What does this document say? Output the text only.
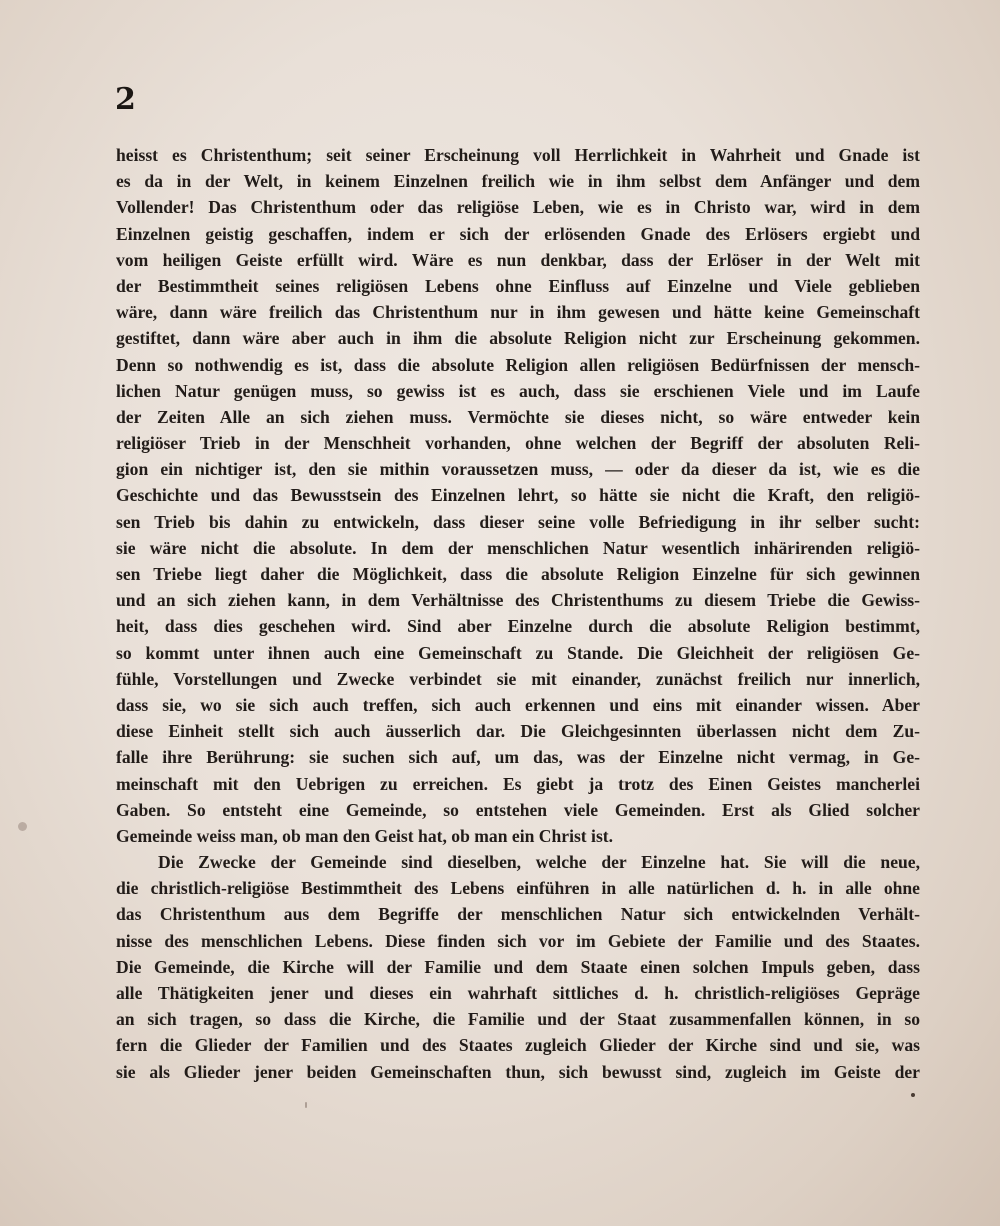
2
heisst es Christenthum; seit seiner Erscheinung voll Herrlichkeit in Wahrheit und Gnade ist
es da in der Welt, in keinem Einzelnen freilich wie in ihm selbst dem Anfänger und dem
Vollender! Das Christenthum oder das religiöse Leben, wie es in Christo war, wird in dem
Einzelnen geistig geschaffen, indem er sich der erlösenden Gnade des Erlösers ergiebt und
vom heiligen Geiste erfüllt wird. Wäre es nun denkbar, dass der Erlöser in der Welt mit
der Bestimmtheit seines religiösen Lebens ohne Einfluss auf Einzelne und Viele geblieben
wäre, dann wäre freilich das Christenthum nur in ihm gewesen und hätte keine Gemeinschaft
gestiftet, dann wäre aber auch in ihm die absolute Religion nicht zur Erscheinung gekommen.
Denn so nothwendig es ist, dass die absolute Religion allen religiösen Bedürfnissen der mensch-
lichen Natur genügen muss, so gewiss ist es auch, dass sie erschienen Viele und im Laufe
der Zeiten Alle an sich ziehen muss. Vermöchte sie dieses nicht, so wäre entweder kein
religiöser Trieb in der Menschheit vorhanden, ohne welchen der Begriff der absoluten Reli-
gion ein nichtiger ist, den sie mithin voraussetzen muss, — oder da dieser da ist, wie es die
Geschichte und das Bewusstsein des Einzelnen lehrt, so hätte sie nicht die Kraft, den religiö-
sen Trieb bis dahin zu entwickeln, dass dieser seine volle Befriedigung in ihr selber sucht:
sie wäre nicht die absolute. In dem der menschlichen Natur wesentlich inhärirenden religiö-
sen Triebe liegt daher die Möglichkeit, dass die absolute Religion Einzelne für sich gewinnen
und an sich ziehen kann, in dem Verhältnisse des Christenthums zu diesem Triebe die Gewiss-
heit, dass dies geschehen wird. Sind aber Einzelne durch die absolute Religion bestimmt,
so kommt unter ihnen auch eine Gemeinschaft zu Stande. Die Gleichheit der religiösen Ge-
fühle, Vorstellungen und Zwecke verbindet sie mit einander, zunächst freilich nur innerlich,
dass sie, wo sie sich auch treffen, sich auch erkennen und eins mit einander wissen. Aber
diese Einheit stellt sich auch äusserlich dar. Die Gleichgesinnten überlassen nicht dem Zu-
falle ihre Berührung: sie suchen sich auf, um das, was der Einzelne nicht vermag, in Ge-
meinschaft mit den Uebrigen zu erreichen. Es giebt ja trotz des Einen Geistes mancherlei
Gaben. So entsteht eine Gemeinde, so entstehen viele Gemeinden. Erst als Glied solcher
Gemeinde weiss man, ob man den Geist hat, ob man ein Christ ist.
Die Zwecke der Gemeinde sind dieselben, welche der Einzelne hat. Sie will die neue,
die christlich-religiöse Bestimmtheit des Lebens einführen in alle natürlichen d. h. in alle ohne
das Christenthum aus dem Begriffe der menschlichen Natur sich entwickelnden Verhält-
nisse des menschlichen Lebens. Diese finden sich vor im Gebiete der Familie und des Staates.
Die Gemeinde, die Kirche will der Familie und dem Staate einen solchen Impuls geben, dass
alle Thätigkeiten jener und dieses ein wahrhaft sittliches d. h. christlich-religiöses Gepräge
an sich tragen, so dass die Kirche, die Familie und der Staat zusammenfallen können, in so
fern die Glieder der Familien und des Staates zugleich Glieder der Kirche sind und sie, was
sie als Glieder jener beiden Gemeinschaften thun, sich bewusst sind, zugleich im Geiste der
